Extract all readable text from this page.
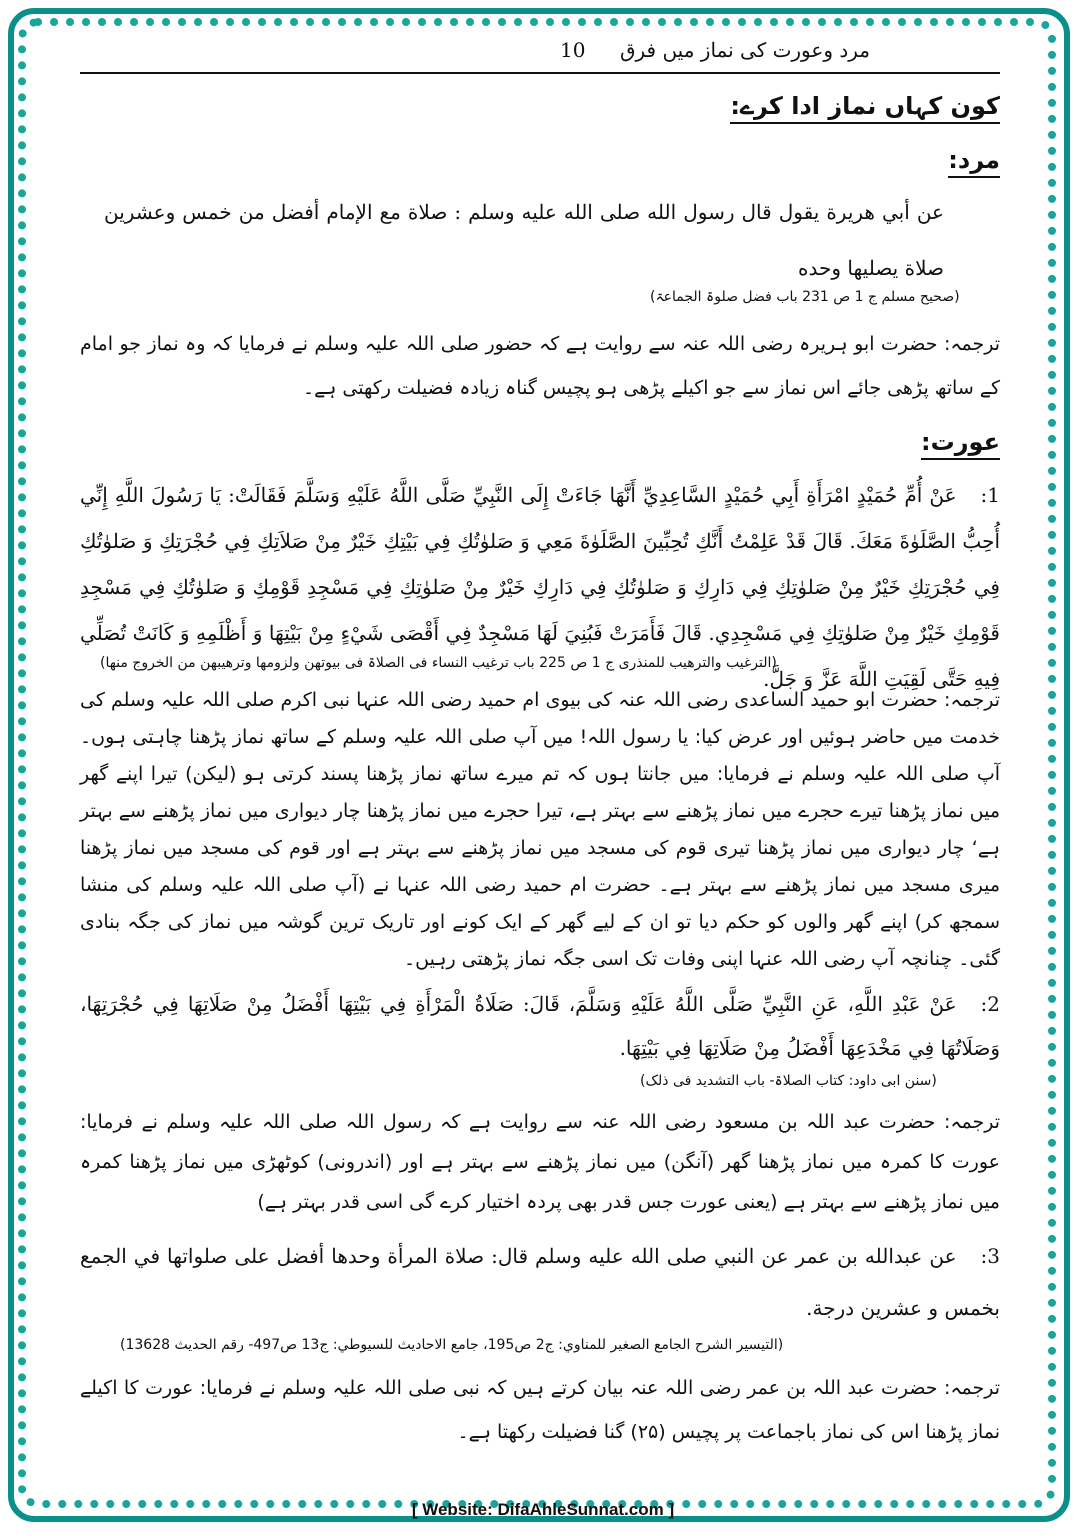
مرد وعورت کی نماز میں فرق
10
کون کہاں نماز ادا کرے:
مرد:

عن أبي هريرة يقول قال رسول الله صلى الله عليه وسلم : صلاة مع الإمام أفضل من خمس وعشرين صلاة يصليها وحده

(صحیح مسلم ج 1 ص 231 باب فضل صلوۃ الجماعۃ)

ترجمہ: حضرت ابو ہریرہ رضی اللہ عنہ سے روایت ہے کہ حضور صلی اللہ علیہ وسلم نے فرمایا کہ وہ نماز جو امام کے ساتھ پڑھی جائے اس نماز سے جو اکیلے پڑھی ہو پچیس گناہ زیادہ فضیلت رکھتی ہے۔

عورت:

1:عَنْ أُمِّ حُمَيْدٍ امْرَأَةِ أَبِي حُمَيْدٍ السَّاعِدِيِّ أَنَّهَا جَاءَتْ إِلَى النَّبِيِّ صَلَّى اللَّهُ عَلَيْهِ وَسَلَّمَ فَقَالَتْ: يَا رَسُولَ اللَّهِ إِنِّي أُحِبُّ الصَّلَوٰةَ مَعَكَ. قَالَ قَدْ عَلِمْتُ أَنَّكِ تُحِبِّينَ الصَّلَوٰةَ مَعِي وَ صَلوٰتُكِ فِي بَيْتِكِ خَيْرٌ مِنْ صَلاَتِكِ فِي حُجْرَتِكِ وَ صَلوٰتُكِ فِي حُجْرَتِكِ خَيْرٌ مِنْ صَلوٰتِكِ فِي دَارِكِ وَ صَلوٰتُكِ فِي دَارِكِ خَيْرٌ مِنْ صَلوٰتِكِ فِي مَسْجِدِ قَوْمِكِ وَ صَلوٰتُكِ فِي مَسْجِدِ قَوْمِكِ خَيْرٌ مِنْ صَلوٰتِكِ فِي مَسْجِدِي. قَالَ فَأَمَرَتْ فَبُنِيَ لَهَا مَسْجِدٌ فِي أَقْصَى شَيْءٍ مِنْ بَيْتِهَا وَ أَظْلَمِهِ وَ كَانَتْ تُصَلِّي فِيهِ حَتَّى لَقِيَتِ اللَّهَ عَزَّ وَ جَلَّ.

(الترغیب والترھیب للمنذری ج 1 ص 225 باب ترغیب النساء فی الصلاۃ فی بیوتھن ولزومھا وترھیبھن من الخروج منھا)

ترجمہ: حضرت ابو حمید الساعدی رضی اللہ عنہ کی بیوی ام حمید رضی اللہ عنہا نبی اکرم صلی اللہ علیہ وسلم کی خدمت میں حاضر ہوئیں اور عرض کیا: یا رسول اللہ! میں آپ صلی اللہ علیہ وسلم کے ساتھ نماز پڑھنا چاہتی ہوں۔ آپ صلی اللہ علیہ وسلم نے فرمایا: میں جانتا ہوں کہ تم میرے ساتھ نماز پڑھنا پسند کرتی ہو (لیکن) تیرا اپنے گھر میں نماز پڑھنا تیرے حجرے میں نماز پڑھنے سے بہتر ہے، تیرا حجرے میں نماز پڑھنا چار دیواری میں نماز پڑھنے سے بہتر ہے‘ چار دیواری میں نماز پڑھنا تیری قوم کی مسجد میں نماز پڑھنے سے بہتر ہے اور قوم کی مسجد میں نماز پڑھنا میری مسجد میں نماز پڑھنے سے بہتر ہے۔ حضرت ام حمید رضی اللہ عنہا نے (آپ صلی اللہ علیہ وسلم کی منشا سمجھ کر) اپنے گھر والوں کو حکم دیا تو ان کے لیے گھر کے ایک کونے اور تاریک ترین گوشہ میں نماز کی جگہ بنادی گئی۔ چنانچہ آپ رضی اللہ عنہا اپنی وفات تک اسی جگہ نماز پڑھتی رہیں۔

2:عَنْ عَبْدِ اللَّهِ، عَنِ النَّبِيِّ صَلَّى اللَّهُ عَلَيْهِ وَسَلَّمَ، قَالَ: صَلَاةُ الْمَرْأَةِ فِي بَيْتِهَا أَفْضَلُ مِنْ صَلَاتِهَا فِي حُجْرَتِهَا، وَصَلَاتُهَا فِي مَخْدَعِهَا أَفْضَلُ مِنْ صَلَاتِهَا فِي بَيْتِهَا.

(سنن ابی داود: کتاب الصلاۃ- باب التشدید فی ذلک)

ترجمہ: حضرت عبد اللہ بن مسعود رضی اللہ عنہ سے روایت ہے کہ رسول اللہ صلی اللہ علیہ وسلم نے فرمایا: عورت کا کمرہ میں نماز پڑھنا گھر (آنگن) میں نماز پڑھنے سے بہتر ہے اور (اندرونی) کوٹھڑی میں نماز پڑھنا کمرہ میں نماز پڑھنے سے بہتر ہے (یعنی عورت جس قدر بھی پردہ اختیار کرے گی اسی قدر بہتر ہے)

3:عن عبدالله بن عمر عن النبي صلى الله عليه وسلم قال: صلاة المرأة وحدها أفضل على صلواتها في الجمع بخمس و عشرين درجة.

(التيسير الشرح الجامع الصغير للمناوي: ج2 ص195، جامع الاحاديث للسيوطي: ج13 ص497- رقم الحديث 13628)

ترجمہ: حضرت عبد اللہ بن عمر رضی اللہ عنہ بیان کرتے ہیں کہ نبی صلی اللہ علیہ وسلم نے فرمایا: عورت کا اکیلے نماز پڑھنا اس کی نماز باجماعت پر پچیس (۲۵) گنا فضیلت رکھتا ہے۔

[ Website: DifaAhleSunnat.com ]
